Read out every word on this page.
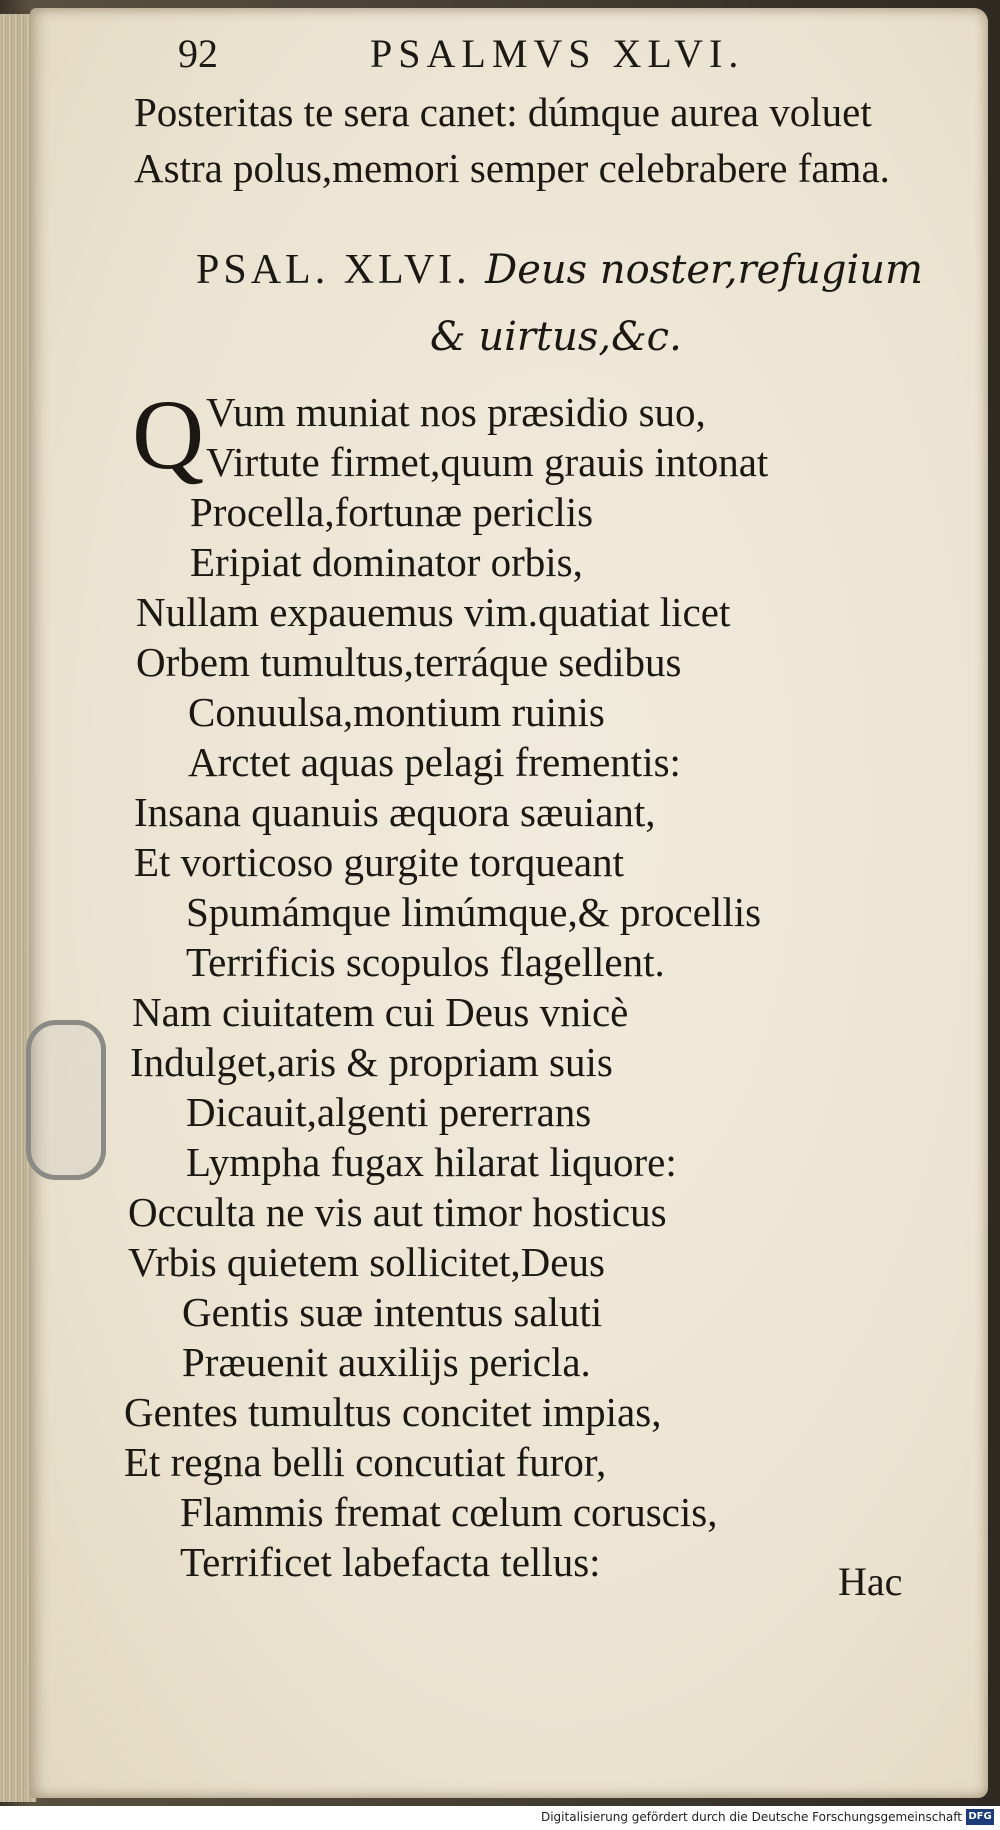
92	PSALMVS XLVI.
Posteritas te sera canet: dúmque aurea voluet
Astra polus,memori semper celebrabere fama.
PSAL. XLVI. Deus noster,refugium
& uirtus,&c.
Q Vum muniat nos præsidio suo,
Virtute firmet,quum grauis intonat
Procella,fortunæ periclis
Eripiat dominator orbis,
Nullam expauemus vim.quatiat licet
Orbem tumultus,terráque sedibus
Conuulsa,montium ruinis
Arctet aquas pelagi frementis:
Insana quanuis æquora sæuiant,
Et vorticoso gurgite torqueant
Spumámque limúmque,& procellis
Terrificis scopulos flagellent.
Nam ciuitatem cui Deus vnicè
Indulget,aris & propriam suis
Dicauit,algenti pererrans
Lympha fugax hilarat liquore:
Occulta ne vis aut timor hosticus
Vrbis quietem sollicitet,Deus
Gentis suæ intentus saluti
Præuenit auxilijs pericla.
Gentes tumultus concitet impias,
Et regna belli concutiat furor,
Flammis fremat cœlum coruscis,
Terrificet labefacta tellus:	Hac
Digitalisierung gefördert durch die Deutsche Forschungsgemeinschaft DFG
